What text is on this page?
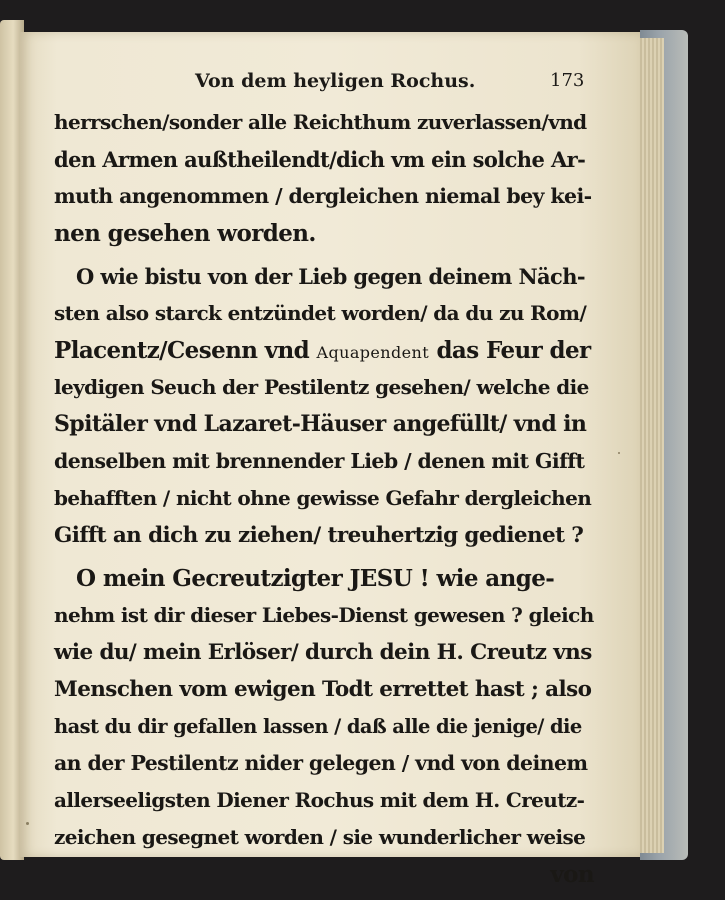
Von dem heyligen Rochus.	173
herrschen/sonder alle Reichthum zuverlassen/vnd
den Armen außtheilendt/dich vm ein solche Ar-
muth angenommen / dergleichen niemal bey kei-
nen gesehen worden.
O wie bistu von der Lieb gegen deinem Näch-
sten also starck entzündet worden/ da du zu Rom/
Placentz/Cesenn vnd Aquapendent das Feur der
leydigen Seuch der Pestilentz gesehen/ welche die
Spitäler vnd Lazaret-Häuser angefüllt/ vnd in
denselben mit brennender Lieb / denen mit Gifft
behafften / nicht ohne gewisse Gefahr dergleichen
Gifft an dich zu ziehen/ treuhertzig gedienet ?
O mein Gecreutzigter JESU ! wie ange-
nehm ist dir dieser Liebes-Dienst gewesen ? gleich
wie du/ mein Erlöser/ durch dein H. Creutz vns
Menschen vom ewigen Todt errettet hast ; also
hast du dir gefallen lassen / daß alle die jenige/ die
an der Pestilentz nider gelegen / vnd von deinem
allerseeligsten Diener Rochus mit dem H. Creutz-
zeichen gesegnet worden / sie wunderlicher weise
von
